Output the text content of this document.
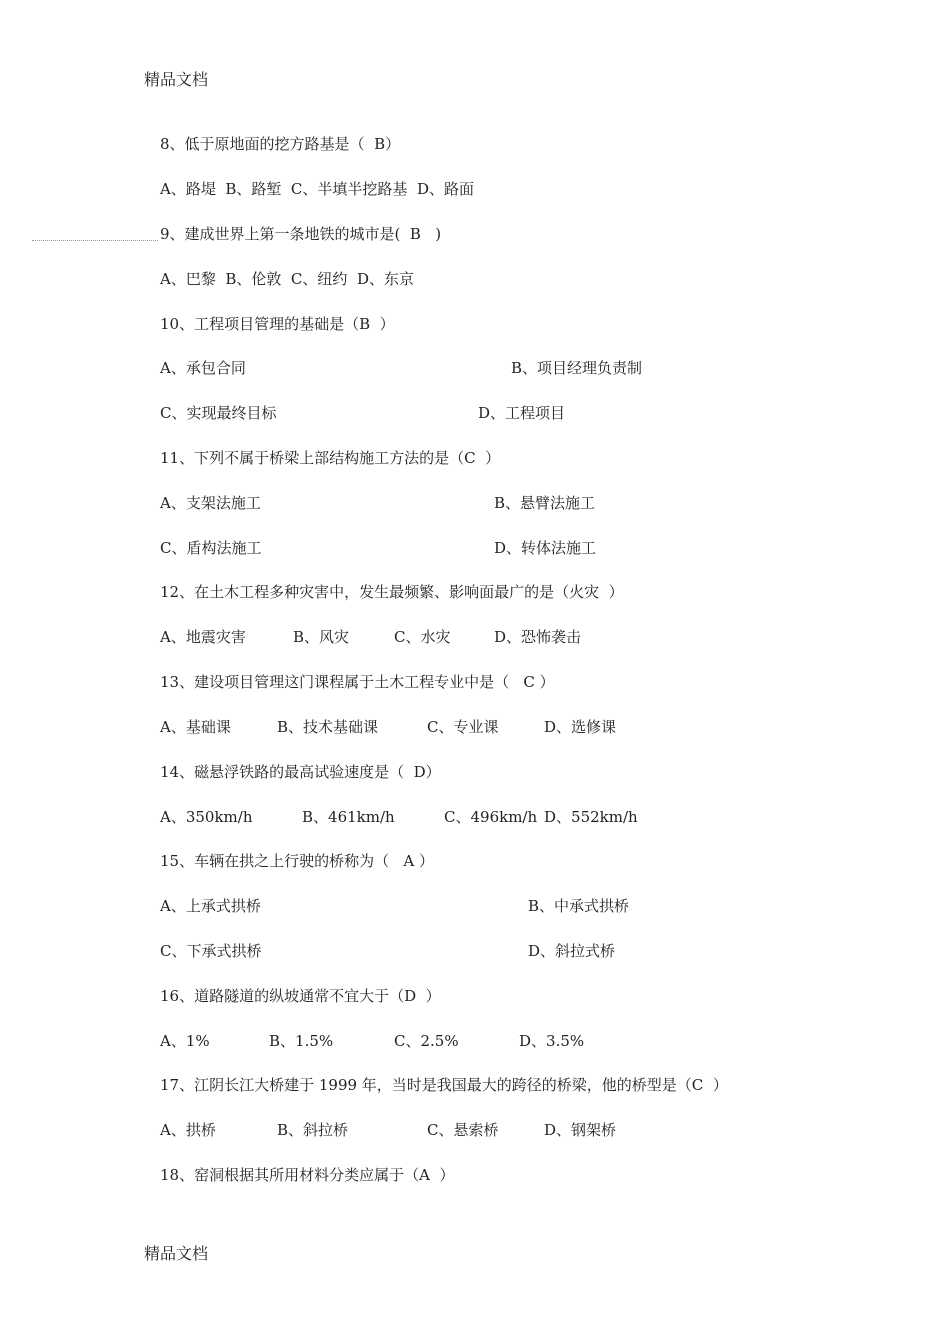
精品文档
8、低于原地面的挖方路基是（  B）
A、路堤  B、路堑  C、半填半挖路基  D、路面
9、建成世界上第一条地铁的城市是(  B   )
A、巴黎  B、伦敦  C、纽约  D、东京
10、工程项目管理的基础是（B  ）
A、承包合同	B、项目经理负责制
C、实现最终目标	D、工程项目
11、下列不属于桥梁上部结构施工方法的是（C  ）
A、支架法施工	B、悬臂法施工
C、盾构法施工	D、转体法施工
12、在土木工程多种灾害中，发生最频繁、影响面最广的是（火灾  ）
A、地震灾害	B、风灾	C、水灾	D、恐怖袭击
13、建设项目管理这门课程属于土木工程专业中是（   C ）
A、基础课	B、技术基础课	C、专业课	D、选修课
14、磁悬浮铁路的最高试验速度是（  D）
A、350km/h	B、461km/h	C、496km/h D、552km/h
15、车辆在拱之上行驶的桥称为（   A ）
A、上承式拱桥	B、中承式拱桥
C、下承式拱桥	D、斜拉式桥
16、道路隧道的纵坡通常不宜大于（D  ）
A、1%	B、1.5%	C、2.5%	D、3.5%
17、江阴长江大桥建于 1999 年，当时是我国最大的跨径的桥梁，他的桥型是（C  ）
A、拱桥	B、斜拉桥	C、悬索桥	D、钢架桥
18、窑洞根据其所用材料分类应属于（A  ）
精品文档
